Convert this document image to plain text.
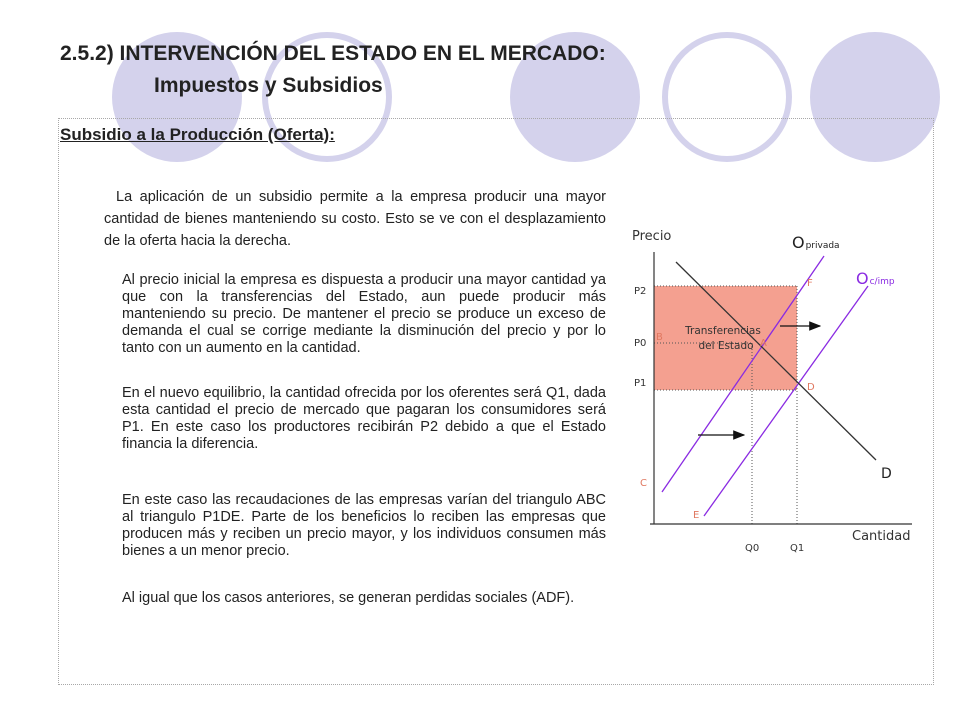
2.5.2) INTERVENCIÓN DEL ESTADO EN EL MERCADO:
Impuestos y Subsidios
Subsidio a la Producción (Oferta):
La aplicación de un subsidio permite a la empresa producir una mayor cantidad de bienes manteniendo su costo. Esto se ve con el desplazamiento de la oferta hacia la derecha.
Al precio inicial la empresa es dispuesta a producir una mayor cantidad ya que con la transferencias del Estado, aun puede producir más manteniendo su precio. De mantener el precio se produce un exceso de demanda el cual se corrige mediante la disminución del precio y por lo tanto con un aumento en la cantidad.
En el nuevo equilibrio, la cantidad ofrecida por los oferentes será Q1, dada esta cantidad el precio de mercado que pagaran los consumidores será P1. En este caso los productores recibirán P2 debido a que el Estado financia la diferencia.
En este caso las recaudaciones de las empresas varían del triangulo ABC al triangulo P1DE. Parte de los beneficios lo reciben las empresas que producen más y reciben un precio mayor, y los individuos consumen más bienes a un menor precio.
Al igual que los casos anteriores, se generan perdidas sociales (ADF).
Precio
Cantidad
Oprivada
Oc/imp
D
P2
P0
P1
Q0	Q1
A
B
C
D
E
F
Transferencias
del Estado
